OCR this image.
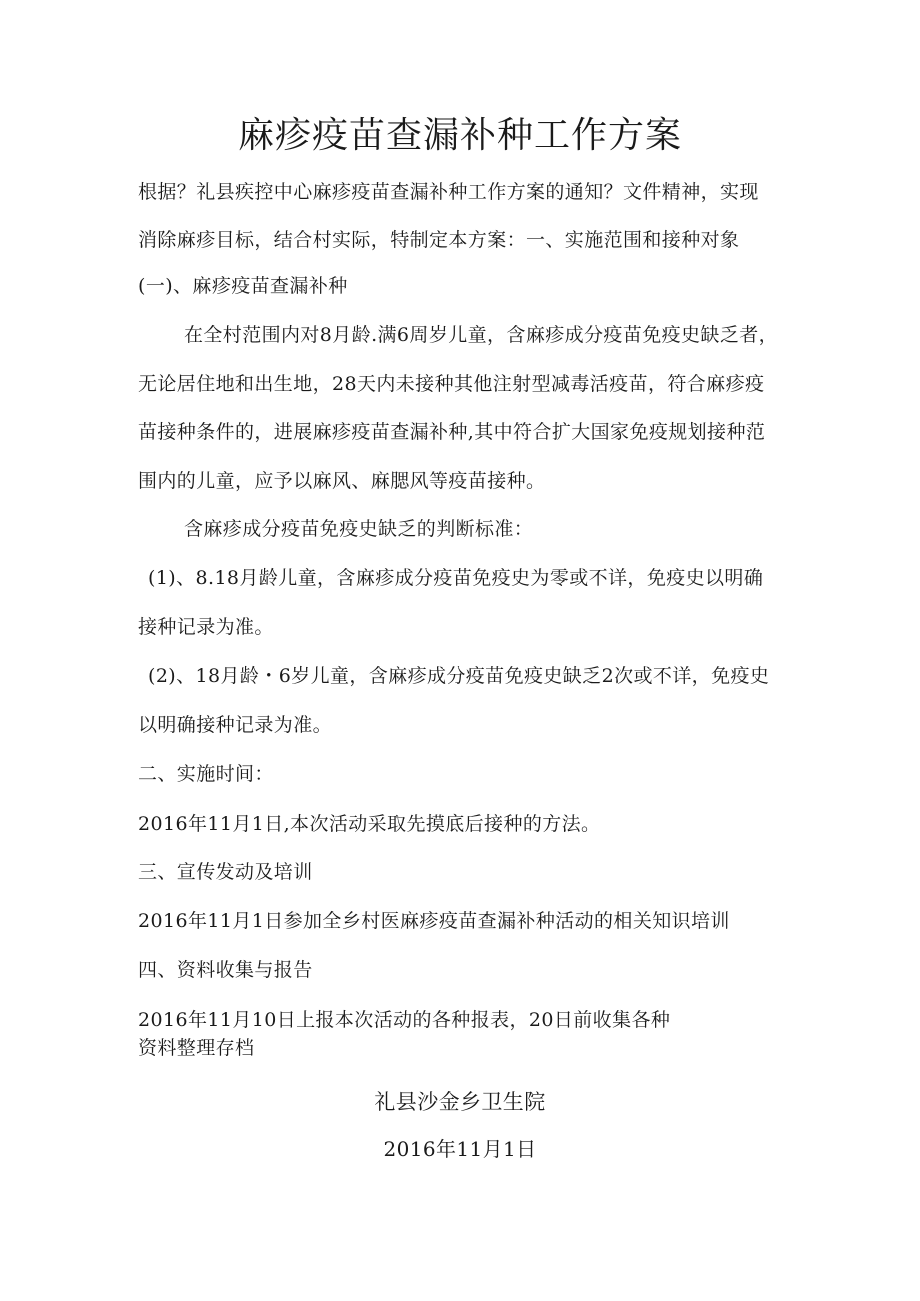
麻疹疫苗查漏补种工作方案
根据？礼县疾控中心麻疹疫苗查漏补种工作方案的通知？文件精神，实现
消除麻疹目标，结合村实际，特制定本方案：一、实施范围和接种对象
(一)、麻疹疫苗查漏补种
在全村范围内对8月龄.满6周岁儿童，含麻疹成分疫苗免疫史缺乏者，
无论居住地和出生地，28天内未接种其他注射型减毒活疫苗，符合麻疹疫
苗接种条件的，进展麻疹疫苗查漏补种,其中符合扩大国家免疫规划接种范
围内的儿童，应予以麻风、麻腮风等疫苗接种。
含麻疹成分疫苗免疫史缺乏的判断标准：
(1)、8.18月龄儿童，含麻疹成分疫苗免疫史为零或不详，免疫史以明确
接种记录为准。
(2)、18月龄・6岁儿童，含麻疹成分疫苗免疫史缺乏2次或不详，免疫史
以明确接种记录为准。
二、实施时间：
2016年11月1日,本次活动采取先摸底后接种的方法。
三、宣传发动及培训
2016年11月1日参加全乡村医麻疹疫苗查漏补种活动的相关知识培训
四、资料收集与报告
2016年11月10日上报本次活动的各种报表，20日前收集各种
资料整理存档
礼县沙金乡卫生院
2016年11月1日
